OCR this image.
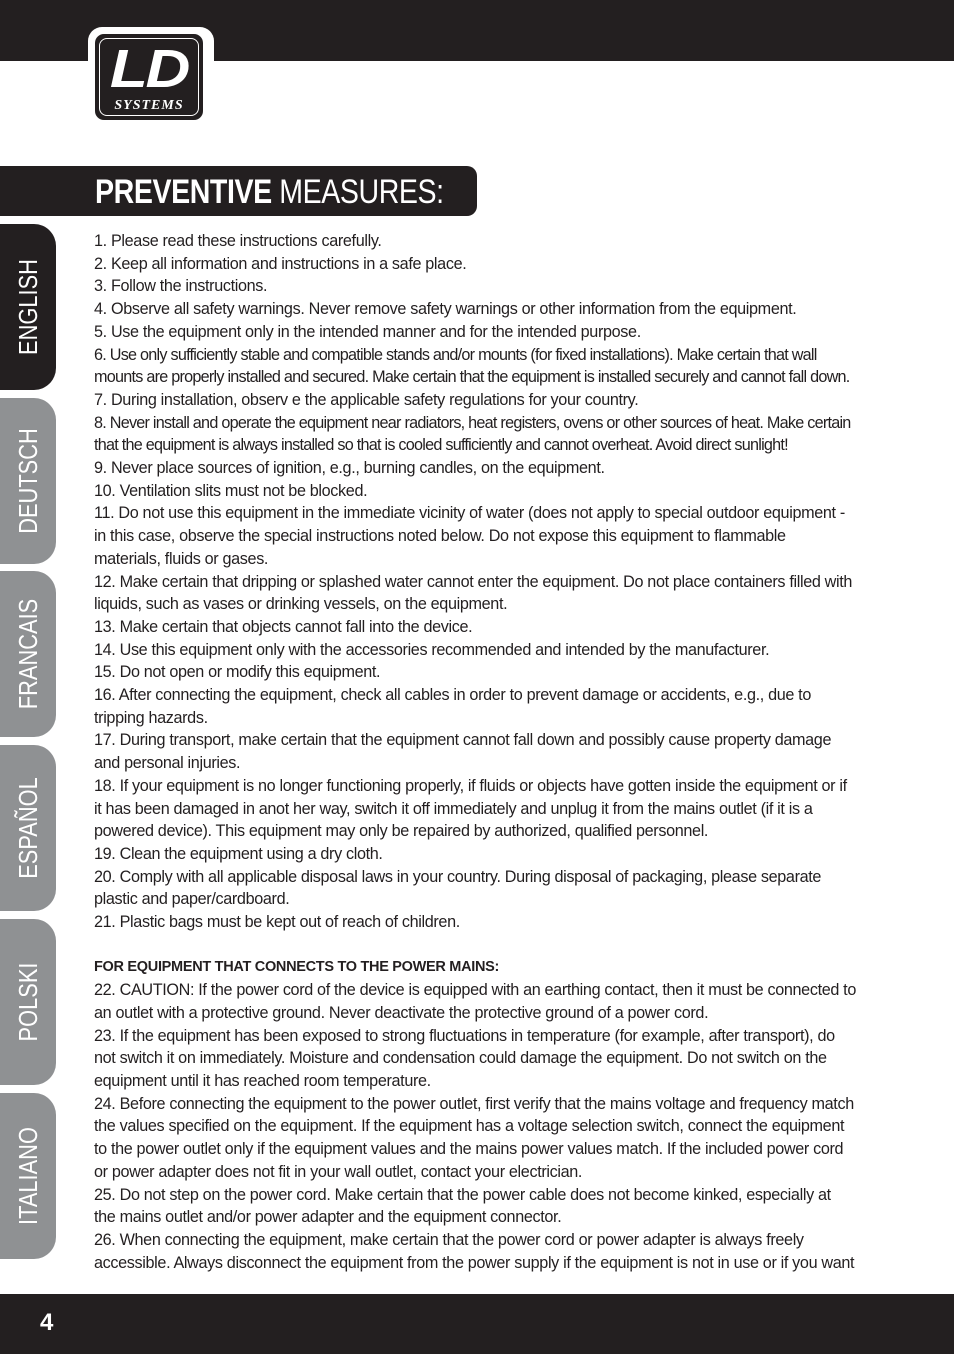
LD
SYSTEMS
PREVENTIVE MEASURES:
ENGLISH
DEUTSCH
FRANCAIS
ESPAÑOL
POLSKI
ITALIANO

1. Please read these instructions carefully.

2. Keep all information and instructions in a safe place.

3. Follow the instructions.

4. Observe all safety warnings. Never remove safety warnings or other information from the equipment.

5. Use the equipment only in the intended manner and for the intended purpose.

6. Use only sufficiently stable and compatible stands and/or mounts (for fixed installations). Make certain that wall mounts are properly installed and secured. Make certain that the equipment is installed securely and cannot fall down.

7. During installation, observ e the applicable safety regulations for your country.

8. Never install and operate the equipment near radiators, heat registers, ovens or other sources of heat. Make certain that the equipment is always installed so that is cooled sufficiently and cannot overheat. Avoid direct sunlight!

9. Never place sources of ignition, e.g., burning candles, on the equipment.

10. Ventilation slits must not be blocked.

11. Do not use this equipment in the immediate vicinity of water (does not apply to special outdoor equipment - in this case, observe the special instructions noted below. Do not expose this equipment to flammable materials, fluids or gases.

12. Make certain that dripping or splashed water cannot enter the equipment. Do not place containers filled with liquids, such as vases or drinking vessels, on the equipment.

13. Make certain that objects cannot fall into the device.

14. Use this equipment only with the accessories recommended and intended by the manufacturer.

15. Do not open or modify this equipment.

16. After connecting the equipment, check all cables in order to prevent damage or accidents, e.g., due to tripping hazards.

17. During transport, make certain that the equipment cannot fall down and possibly cause property damage and personal injuries.

18. If your equipment is no longer functioning properly, if fluids or objects have gotten inside the equipment or if it has been damaged in anot her way, switch it off immediately and unplug it from the mains outlet (if it is a powered device). This equipment may only be repaired by authorized, qualified personnel.

19. Clean the equipment using a dry cloth.

20. Comply with all applicable disposal laws in your country. During disposal of packaging, please separate plastic and paper/cardboard.

21. Plastic bags must be kept out of reach of children.

FOR EQUIPMENT THAT CONNECTS TO THE POWER MAINS:

22. CAUTION: If the power cord of the device is equipped with an earthing contact, then it must be connected to an outlet with a protective ground. Never deactivate the protective ground of a power cord.

23. If the equipment has been exposed to strong fluctuations in temperature (for example, after transport), do not switch it on immediately. Moisture and condensation could damage the equipment. Do not switch on the equipment until it has reached room temperature.

24. Before connecting the equipment to the power outlet, first verify that the mains voltage and frequency match the values specified on the equipment. If the equipment has a voltage selection switch, connect the equipment to the power outlet only if the equipment values and the mains power values match. If the included power cord or power adapter does not fit in your wall outlet, contact your electrician.

25. Do not step on the power cord. Make certain that the power cable does not become kinked, especially at the mains outlet and/or power adapter and the equipment connector.

26. When connecting the equipment, make certain that the power cord or power adapter is always freely accessible. Always disconnect the equipment from the power supply if the equipment is not in use or if you want

4
